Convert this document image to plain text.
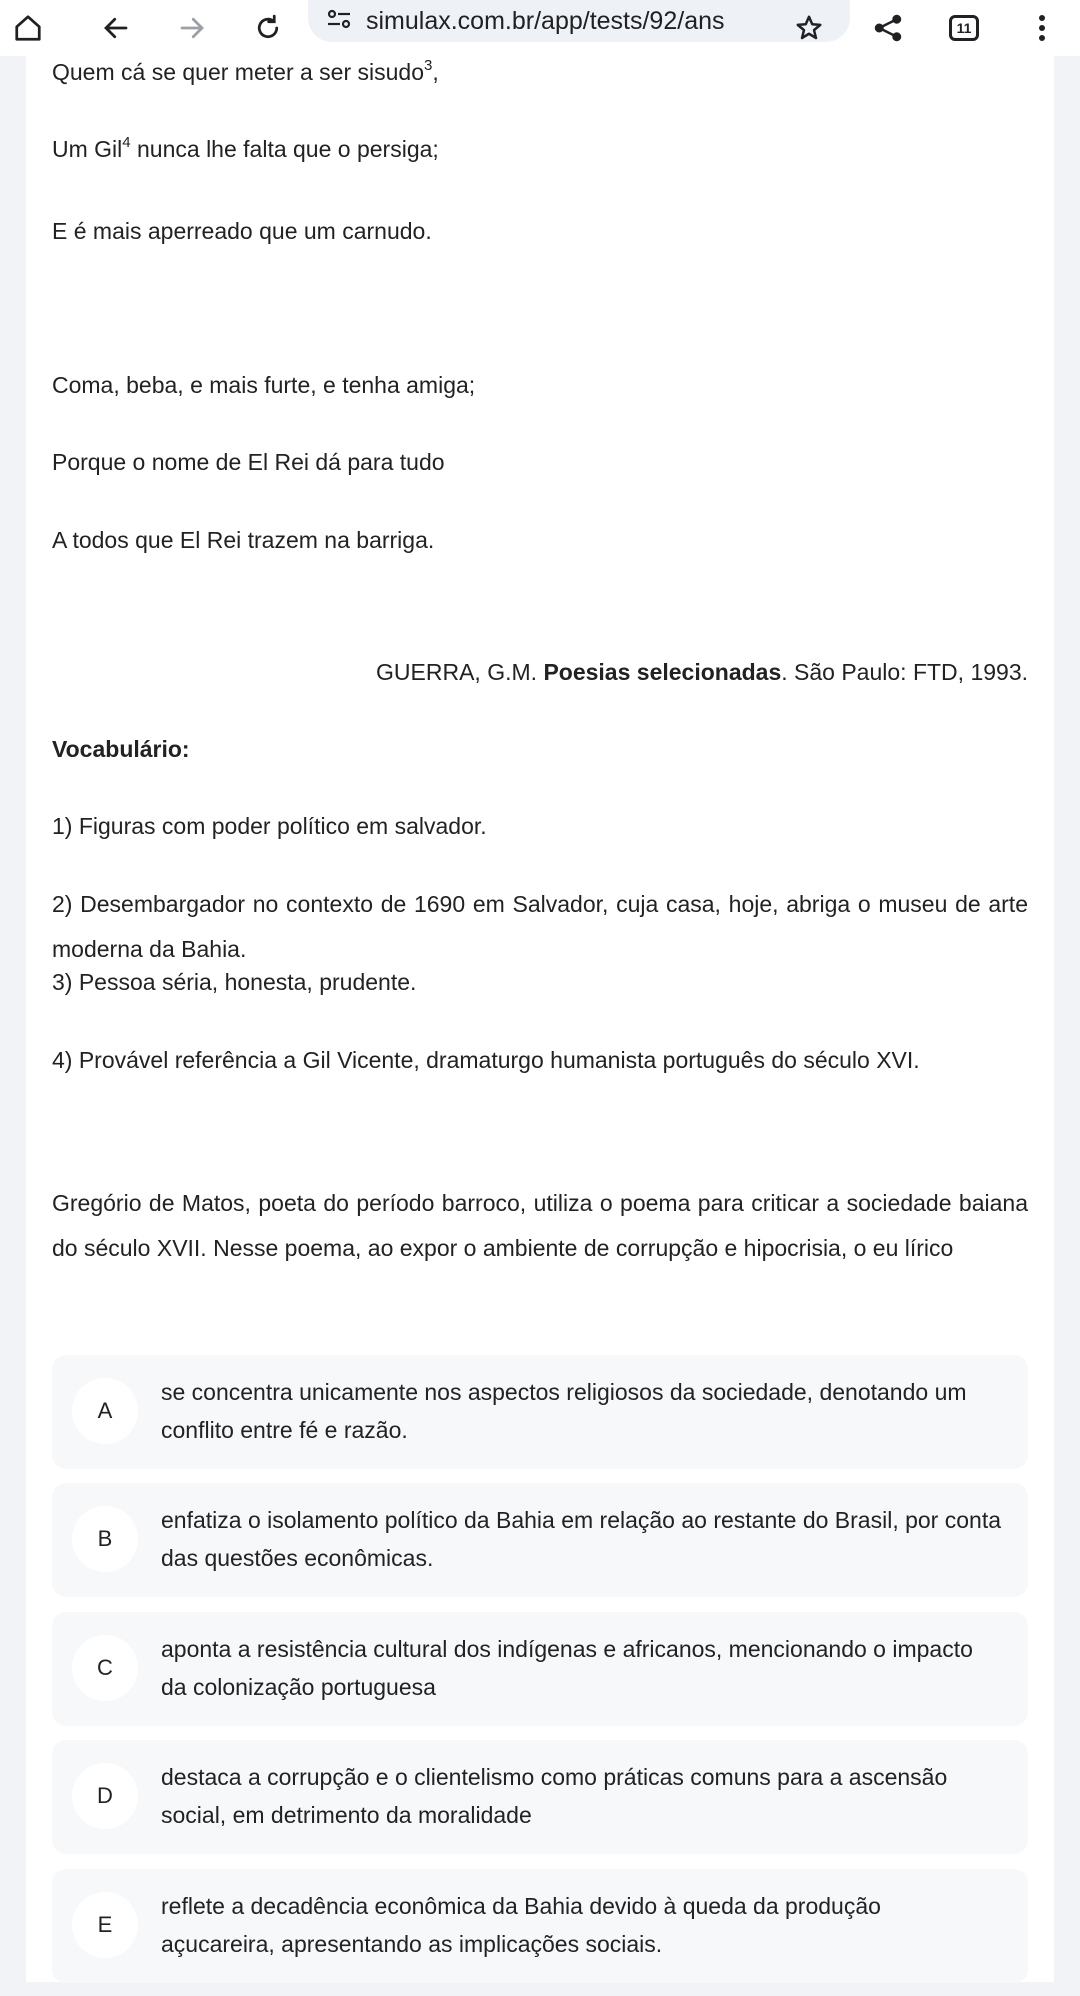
simulax.com.br/app/tests/92/ans	11
Quem cá se quer meter a ser sisudo$^3$,
Um Gil$^4$ nunca lhe falta que o persiga;
E é mais aperreado que um carnudo.
Coma, beba, e mais furte, e tenha amiga;
Porque o nome de El Rei dá para tudo
A todos que El Rei trazem na barriga.
GUERRA, G.M. Poesias selecionadas. São Paulo: FTD, 1993.
Vocabulário:
1) Figuras com poder político em salvador.
2) Desembargador no contexto de 1690 em Salvador, cuja casa, hoje, abriga o museu de arte moderna da Bahia.
3) Pessoa séria, honesta, prudente.
4) Provável referência a Gil Vicente, dramaturgo humanista português do século XVI.
Gregório de Matos, poeta do período barroco, utiliza o poema para criticar a sociedade baiana do século XVII. Nesse poema, ao expor o ambiente de corrupção e hipocrisia, o eu lírico
A
se concentra unicamente nos aspectos religiosos da sociedade, denotando um conflito entre fé e razão.
B
enfatiza o isolamento político da Bahia em relação ao restante do Brasil, por conta das questões econômicas.
C
aponta a resistência cultural dos indígenas e africanos, mencionando o impacto da colonização portuguesa
D
destaca a corrupção e o clientelismo como práticas comuns para a ascensão social, em detrimento da moralidade
E
reflete a decadência econômica da Bahia devido à queda da produção açucareira, apresentando as implicações sociais.
